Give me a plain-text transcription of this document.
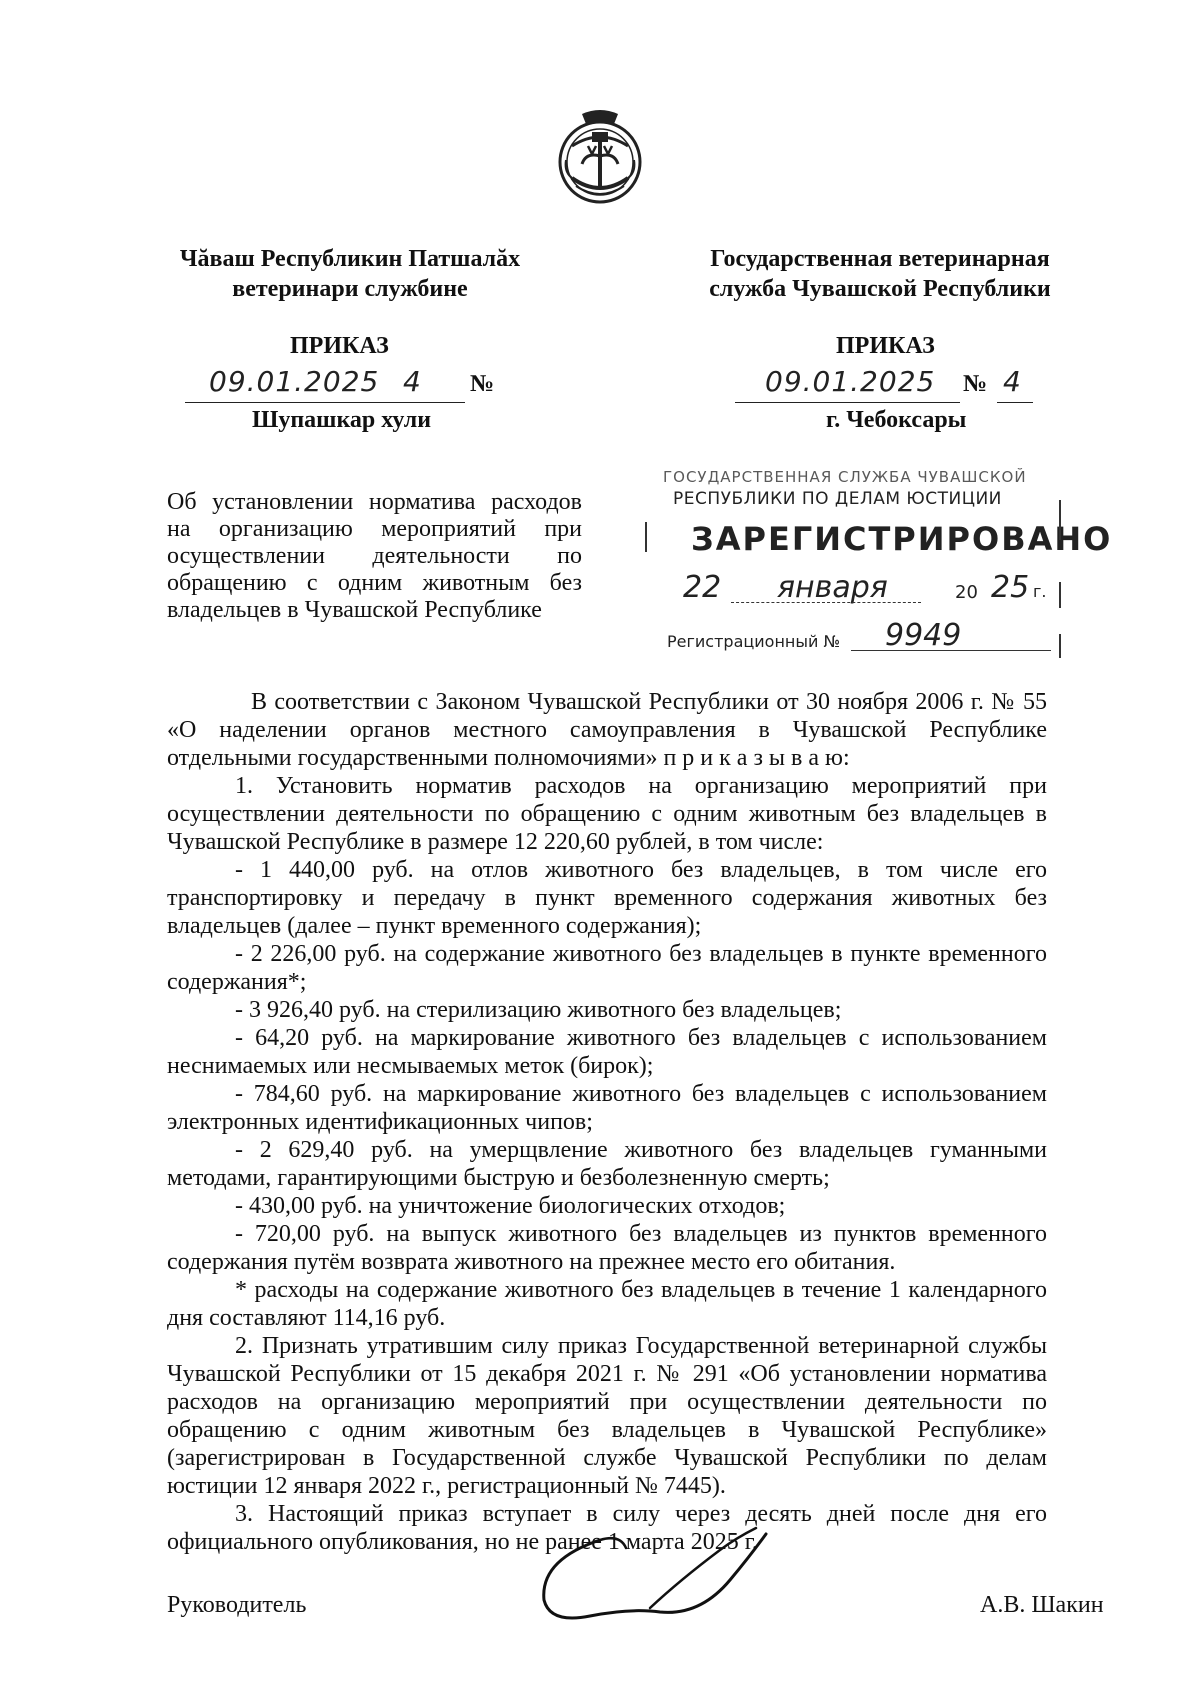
Чăваш Республикин Патшалăх
ветеринари службине
Государственная ветеринарная
служба Чувашской Республики
ПРИКАЗ	ПРИКАЗ
09.01.2025 4 №	09.01.2025 № 4
Шупашкар хули	г. Чебоксары
Об установлении норматива расходов
на организацию мероприятий при
осуществлении деятельности по
обращению с одним животным без
владельцев в Чувашской Республике
ГОСУДАРСТВЕННАЯ СЛУЖБА ЧУВАШСКОЙ
РЕСПУБЛИКИ ПО ДЕЛАМ ЮСТИЦИИ
ЗАРЕГИСТРИРОВАНО
22 января	20 25 г.
Регистрационный № 9949

В соответствии с Законом Чувашской Республики от 30 ноября 2006 г. № 55 «О наделении органов местного самоуправления в Чувашской Республике отдельными государственными полномочиями» п р и к а з ы в а ю:

1. Установить норматив расходов на организацию мероприятий при осуществлении деятельности по обращению с одним животным без владельцев в Чувашской Республике в размере 12 220,60 рублей, в том числе:

- 1 440,00 руб. на отлов животного без владельцев, в том числе его транспортировку и передачу в пункт временного содержания животных без владельцев (далее – пункт временного содержания);

- 2 226,00 руб. на содержание животного без владельцев в пункте временного содержания*;

- 3 926,40 руб. на стерилизацию животного без владельцев;

- 64,20 руб. на маркирование животного без владельцев с использованием неснимаемых или несмываемых меток (бирок);

- 784,60 руб. на маркирование животного без владельцев с использованием электронных идентификационных чипов;

- 2 629,40 руб. на умерщвление животного без владельцев гуманными методами, гарантирующими быструю и безболезненную смерть;

- 430,00 руб. на уничтожение биологических отходов;

- 720,00 руб. на выпуск животного без владельцев из пунктов временного содержания путём возврата животного на прежнее место его обитания.

* расходы на содержание животного без владельцев в течение 1 календарного дня составляют 114,16 руб.

2. Признать утратившим силу приказ Государственной ветеринарной службы Чувашской Республики от 15 декабря 2021 г. № 291 «Об установлении норматива расходов на организацию мероприятий при осуществлении деятельности по обращению с одним животным без владельцев в Чувашской Республике» (зарегистрирован в Государственной службе Чувашской Республики по делам юстиции 12 января 2022 г., регистрационный № 7445).

3. Настоящий приказ вступает в силу через десять дней после дня его официального опубликования, но не ранее 1 марта 2025 г.

Руководитель	А.В. Шакин
